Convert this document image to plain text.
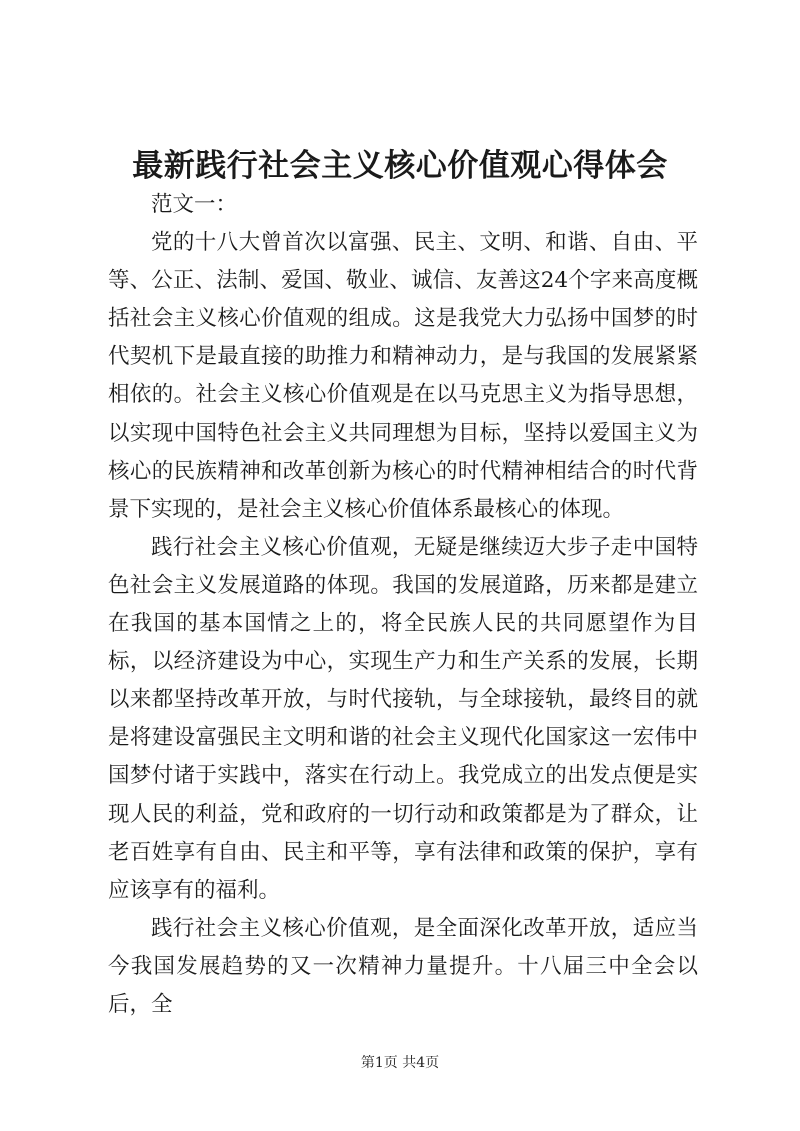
最新践行社会主义核心价值观心得体会

范文一：

党的十八大曾首次以富强、民主、文明、和谐、自由、平等、公正、法制、爱国、敬业、诚信、友善这24个字来高度概括社会主义核心价值观的组成。这是我党大力弘扬中国梦的时代契机下是最直接的助推力和精神动力，是与我国的发展紧紧相依的。社会主义核心价值观是在以马克思主义为指导思想，以实现中国特色社会主义共同理想为目标，坚持以爱国主义为核心的民族精神和改革创新为核心的时代精神相结合的时代背景下实现的，是社会主义核心价值体系最核心的体现。

践行社会主义核心价值观，无疑是继续迈大步子走中国特色社会主义发展道路的体现。我国的发展道路，历来都是建立在我国的基本国情之上的，将全民族人民的共同愿望作为目标，以经济建设为中心，实现生产力和生产关系的发展，长期以来都坚持改革开放，与时代接轨，与全球接轨，最终目的就是将建设富强民主文明和谐的社会主义现代化国家这一宏伟中国梦付诸于实践中，落实在行动上。我党成立的出发点便是实现人民的利益，党和政府的一切行动和政策都是为了群众，让老百姓享有自由、民主和平等，享有法律和政策的保护，享有应该享有的福利。

践行社会主义核心价值观，是全面深化改革开放，适应当今我国发展趋势的又一次精神力量提升。十八届三中全会以后，全

第1页 共4页
